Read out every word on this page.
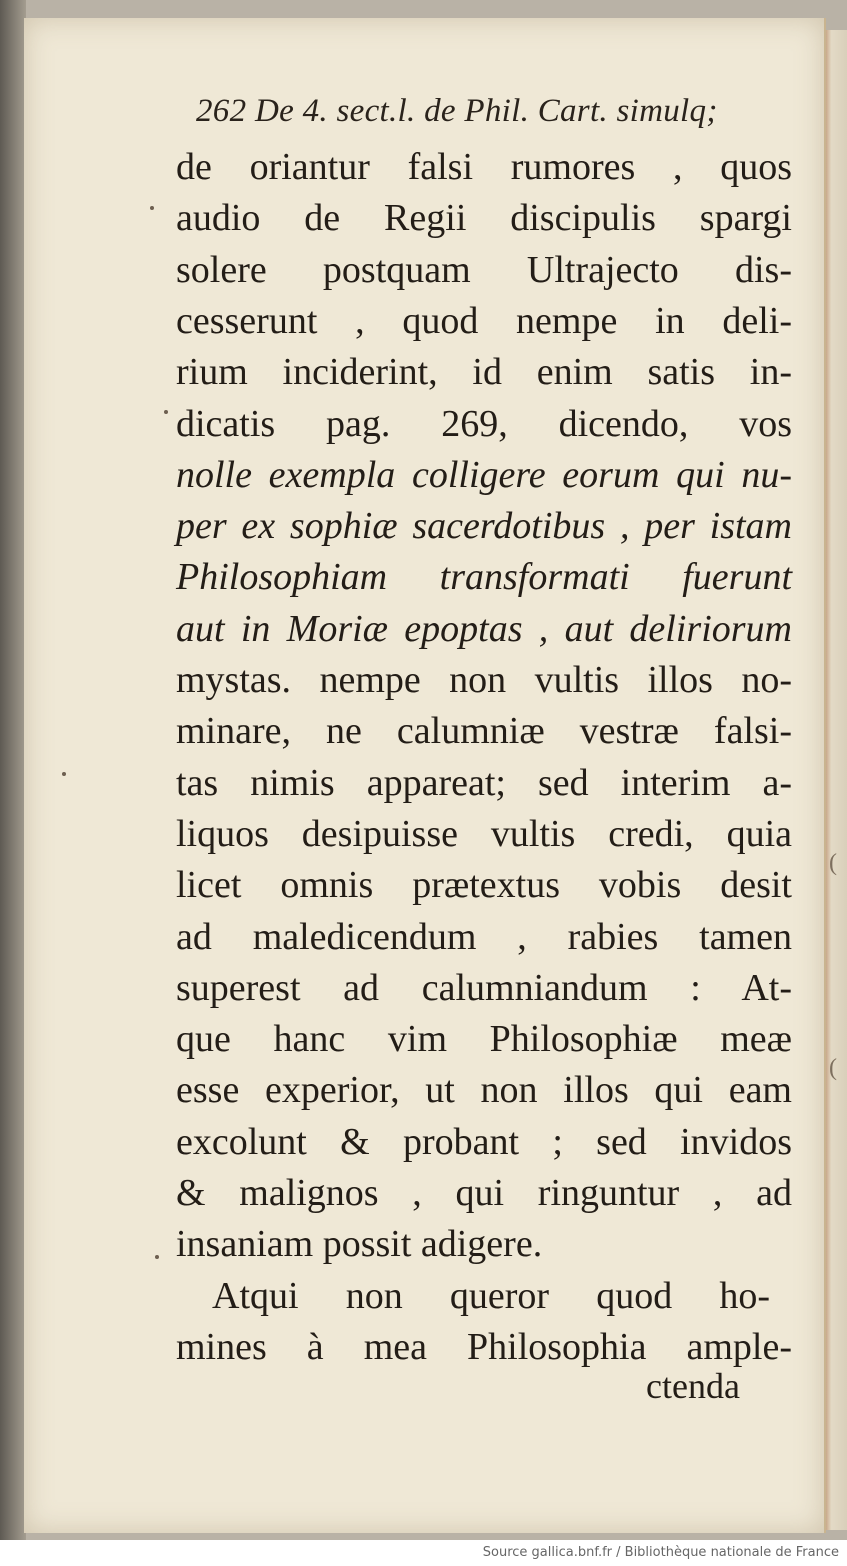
(
(
262 De 4. sect.l. de Phil. Cart. simulq;
de oriantur falsi rumores , quos
audio de Regii discipulis spargi
solere postquam Ultrajecto dis-
cesserunt , quod nempe in deli-
rium inciderint, id enim satis in-
dicatis pag. 269, dicendo, vos
nolle exempla colligere eorum qui nu-
per ex sophiæ sacerdotibus , per istam
Philosophiam transformati fuerunt
aut in Moriæ epoptas , aut deliriorum
mystas. nempe non vultis illos no-
minare, ne calumniæ vestræ falsi-
tas nimis appareat; sed interim a-
liquos desipuisse vultis credi, quia
licet omnis prætextus vobis desit
ad maledicendum , rabies tamen
superest ad calumniandum : At-
que hanc vim Philosophiæ meæ
esse experior, ut non illos qui eam
excolunt & probant ; sed invidos
& malignos , qui ringuntur , ad
insaniam possit adigere.
Atqui non queror quod ho-
mines à mea Philosophia ample-
ctenda
Source gallica.bnf.fr / Bibliothèque nationale de France
